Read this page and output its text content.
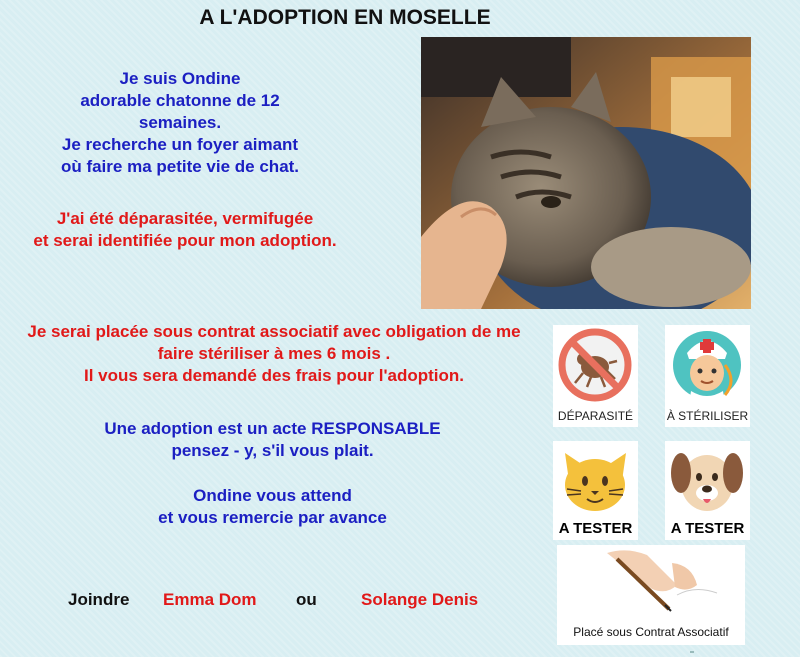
A L'ADOPTION EN MOSELLE
Je suis Ondine
adorable chatonne de 12
semaines.
Je recherche un foyer aimant
où faire ma petite vie de chat.
J'ai été déparasitée, vermifugée
et serai identifiée pour mon adoption.
Je serai placée sous contrat associatif avec obligation de me
faire stériliser à mes 6 mois .
Il vous sera demandé des frais pour l'adoption.
Une adoption est un acte RESPONSABLE
pensez - y, s'il vous plait.
Ondine vous attend
et vous remercie par avance
Joindre Emma Dom ou	Solange Denis
DÉPARASITÉ	À STÉRILISER
A TESTER	A TESTER
Placé sous Contrat Associatif
